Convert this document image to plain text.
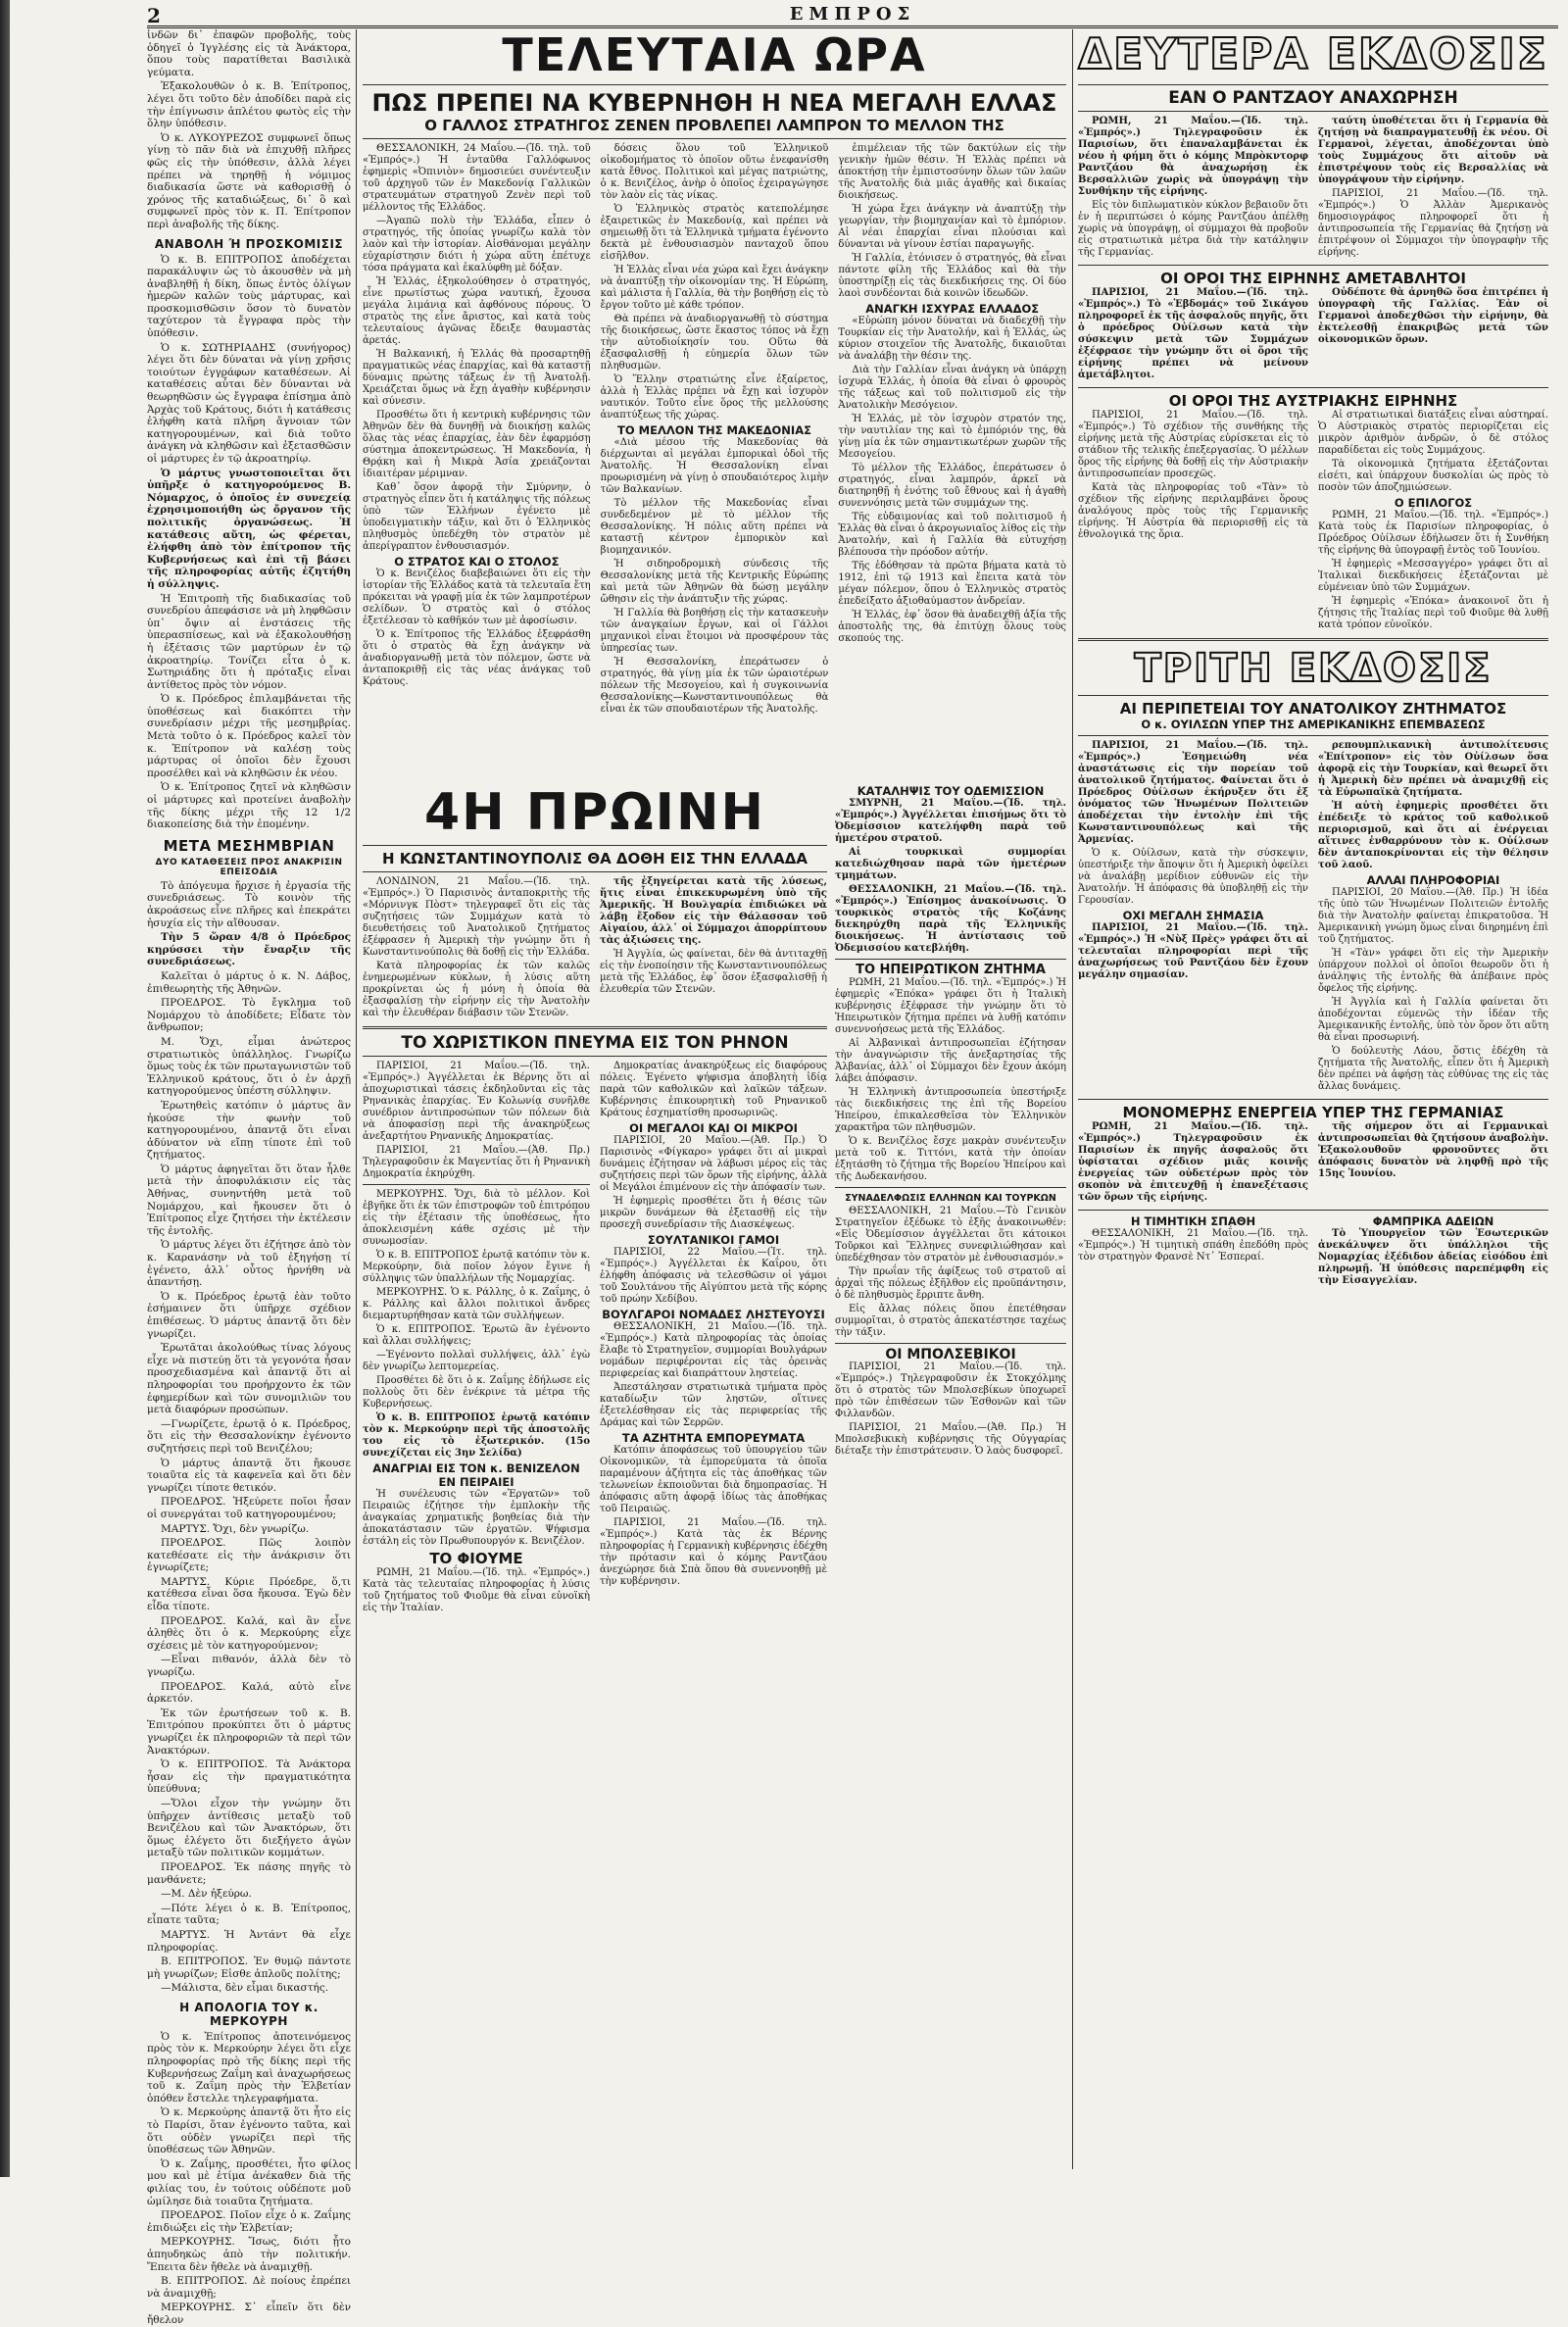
2	ΕΜΠΡΟΣ

ἰνδῶν δι᾿ ἐπαφῶν προβολῆς, τοὺς ὁδηγεῖ ὁ Ἰγγλέσης εἰς τὰ Ἀνάκτορα, ὅπου τοὺς παρατίθεται Βασιλικὰ γεύματα.

Ἐξακολουθῶν ὁ κ. Β. Ἐπίτροπος, λέγει ὅτι τοῦτο δὲν ἀποδίδει παρὰ εἰς τὴν ἐπίγνωσιν ἀπλέτου φωτὸς εἰς τὴν ὅλην ὑπόθεσιν.

Ὁ κ. ΛΥΚΟΥΡΕΖΟΣ συμφωνεῖ ὅπως γίνῃ τὸ πᾶν διὰ νὰ ἐπιχυθῇ πλῆρες φῶς εἰς τὴν ὑπόθεσιν, ἀλλὰ λέγει πρέπει νὰ τηρηθῇ ἡ νόμιμος διαδικασία ὥστε νὰ καθορισθῇ ὁ χρόνος τῆς καταδιώξεως, δι᾿ ὃ καὶ συμφωνεῖ πρὸς τὸν κ. Π. Ἐπίτροπον περὶ ἀναβολῆς τῆς δίκης.

ΑΝΑΒΟΛΗ Ή ΠΡΟΣΚΟΜΙΣΙΣ

Ὁ κ. Β. ΕΠΙΤΡΟΠΟΣ ἀποδέχεται παρακάλυψιν ὡς τὸ ἀκουσθὲν νὰ μὴ ἀναβληθῇ ἡ δίκη, ὅπως ἐντὸς ὀλίγων ἡμερῶν καλῶν τοὺς μάρτυρας, καὶ προσκομισθῶσιν ὅσον τὸ δυνατὸν ταχύτερον τὰ ἔγγραφα πρὸς τὴν ὑπόθεσιν.

Ὁ κ. ΣΩΤΗΡΙΑΔΗΣ (συνήγορος) λέγει ὅτι δὲν δύναται νὰ γίνῃ χρῆσις τοιούτων ἐγγράφων καταθέσεων. Αἱ καταθέσεις αὗται δὲν δύνανται νὰ θεωρηθῶσιν ὡς ἔγγραφα ἐπίσημα ἀπὸ Ἀρχὰς τοῦ Κράτους, διότι ἡ κατάθεσις ἐλήφθη κατὰ πλῆρη ἄγνοιαν τῶν κατηγορουμένων, καὶ διὰ τοῦτο ἀνάγκη νὰ κληθῶσιν καὶ ἐξετασθῶσιν οἱ μάρτυρες ἐν τῷ ἀκροατηρίῳ.

Ὁ μάρτυς γνωστοποιεῖται ὅτι ὑπῆρξε ὁ κατηγορούμενος Β. Νόμαρχος, ὁ ὁποῖος ἐν συνεχείᾳ ἐχρησιμοποιήθη ὡς ὄργανον τῆς πολιτικῆς ὀργανώσεως. Ἡ κατάθεσις αὕτη, ὡς φέρεται, ἐλήφθη ἀπὸ τὸν ἐπίτροπον τῆς Κυβερνήσεως καὶ ἐπὶ τῇ βάσει τῆς πληροφορίας αὐτῆς ἐζητήθη ἡ σύλληψις.

Ἡ Ἐπιτροπὴ τῆς διαδικασίας τοῦ συνεδρίου ἀπεφάσισε νὰ μὴ ληφθῶσιν ὑπ᾿ ὄψιν αἱ ἐνστάσεις τῆς ὑπερασπίσεως, καὶ νὰ ἐξακολουθήσῃ ἡ ἐξέτασις τῶν μαρτύρων ἐν τῷ ἀκροατηρίῳ. Τονίζει εἶτα ὁ κ. Σωτηριάδης ὅτι ἡ πρόταξις εἶναι ἀντίθετος πρὸς τὸν νόμον.

Ὁ κ. Πρόεδρος ἐπιλαμβάνεται τῆς ὑποθέσεως καὶ διακόπτει τὴν συνεδρίασιν μέχρι τῆς μεσημβρίας. Μετὰ τοῦτο ὁ κ. Πρόεδρος καλεῖ τὸν κ. Ἐπίτροπον νὰ καλέσῃ τοὺς μάρτυρας οἱ ὁποῖοι δὲν ἔχουσι προσέλθει καὶ νὰ κληθῶσιν ἐκ νέου.

Ὁ κ. Ἐπίτροπος ζητεῖ νὰ κληθῶσιν οἱ μάρτυρες καὶ προτείνει ἀναβολὴν τῆς δίκης μέχρι τῆς 12 1/2 διακοπείσης διὰ τὴν ἐπομένην.

ΜΕΤΑ ΜΕΣΗΜΒΡΙΑΝ
ΔΥΟ ΚΑΤΑΘΕΣΕΙΣ ΠΡΟΣ ΑΝΑΚΡΙΣΙΝ ΕΠΕΙΣΟΔΙΑ

Τὸ ἀπόγευμα ἤρχισε ἡ ἐργασία τῆς συνεδριάσεως. Τὸ κοινὸν τῆς ἀκροάσεως εἶνε πλῆρες καὶ ἐπεκράτει ἡσυχία εἰς τὴν αἴθουσαν.

Τὴν 5 ὥραν 4/8 ὁ Πρόεδρος κηρύσσει τὴν ἔναρξιν τῆς συνεδριάσεως.

Καλεῖται ὁ μάρτυς ὁ κ. Ν. Δάβος, ἐπιθεωρητὴς τῆς Ἀθηνῶν.

ΠΡΟΕΔΡΟΣ. Τὸ ἔγκλημα τοῦ Νομάρχου τὸ ἀποδίδετε; Εἶδατε τὸν ἄνθρωπον;

Μ. Ὄχι, εἶμαι ἀνώτερος στρατιωτικὸς ὑπάλληλος. Γνωρίζω ὅμως τοὺς ἐκ τῶν πρωταγωνιστῶν τοῦ Ἑλληνικοῦ κράτους, ὅτι ὁ ἐν ἀρχῇ κατηγορούμενος ὑπέστη σύλληψιν.

Ἐρωτηθεὶς κατόπιν ὁ μάρτυς ἂν ἠκούσε τὴν φωνὴν τοῦ κατηγορουμένου, ἀπαντᾷ ὅτι εἶναι ἀδύνατον νὰ εἴπῃ τίποτε ἐπὶ τοῦ ζητήματος.

Ὁ μάρτυς ἀφηγεῖται ὅτι ὅταν ἦλθε μετὰ τὴν ἀποφυλάκισιν εἰς τὰς Ἀθήνας, συνηντήθη μετὰ τοῦ Νομάρχου, καὶ ἤκουσεν ὅτι ὁ Ἐπίτροπος εἶχε ζητήσει τὴν ἐκτέλεσιν τῆς ἐντολῆς.

Ὁ μάρτυς λέγει ὅτι ἐζήτησε ἀπὸ τὸν κ. Καρανάσην νὰ τοῦ ἐξηγήσῃ τί ἐγένετο, ἀλλ᾿ οὗτος ἠρνήθη νὰ ἀπαντήσῃ.

Ὁ κ. Πρόεδρος ἐρωτᾷ ἐὰν τοῦτο ἐσήμαινεν ὅτι ὑπῆρχε σχέδιον ἐπιθέσεως. Ὁ μάρτυς ἀπαντᾷ ὅτι δὲν γνωρίζει.

Ἐρωτᾶται ἀκολούθως τίνας λόγους εἶχε νὰ πιστεύῃ ὅτι τὰ γεγονότα ἦσαν προσχεδιασμένα καὶ ἀπαντᾷ ὅτι αἱ πληροφορίαι του προήρχοντο ἐκ τῶν ἐφημερίδων καὶ τῶν συνομιλιῶν του μετὰ διαφόρων προσώπων.

—Γνωρίζετε, ἐρωτᾷ ὁ κ. Πρόεδρος, ὅτι εἰς τὴν Θεσσαλονίκην ἐγένοντο συζητήσεις περὶ τοῦ Βενιζέλου;

Ὁ μάρτυς ἀπαντᾷ ὅτι ἤκουσε τοιαῦτα εἰς τὰ καφενεῖα καὶ ὅτι δὲν γνωρίζει τίποτε θετικόν.

ΠΡΟΕΔΡΟΣ. Ἠξεύρετε ποῖοι ἦσαν οἱ συνεργάται τοῦ κατηγορουμένου;

ΜΑΡΤΥΣ. Ὄχι, δὲν γνωρίζω.

ΠΡΟΕΔΡΟΣ. Πῶς λοιπὸν κατεθέσατε εἰς τὴν ἀνάκρισιν ὅτι ἐγνωρίζετε;

ΜΑΡΤΥΣ. Κύριε Πρόεδρε, ὅ,τι κατέθεσα εἶναι ὅσα ἤκουσα. Ἐγὼ δὲν εἶδα τίποτε.

ΠΡΟΕΔΡΟΣ. Καλά, καὶ ἂν εἶνε ἀληθὲς ὅτι ὁ κ. Μερκούρης εἶχε σχέσεις μὲ τὸν κατηγορούμενον;

—Εἶναι πιθανόν, ἀλλὰ δὲν τὸ γνωρίζω.

ΠΡΟΕΔΡΟΣ. Καλά, αὐτὸ εἶνε ἀρκετόν.

Ἐκ τῶν ἐρωτήσεων τοῦ κ. Β. Ἐπιτρόπου προκύπτει ὅτι ὁ μάρτυς γνωρίζει ἐκ πληροφοριῶν τὰ περὶ τῶν Ἀνακτόρων.

Ὁ κ. ΕΠΙΤΡΟΠΟΣ. Τὰ Ἀνάκτορα ἦσαν εἰς τὴν πραγματικότητα ὑπεύθυνα;

—Ὅλοι εἶχον τὴν γνώμην ὅτι ὑπῆρχεν ἀντίθεσις μεταξὺ τοῦ Βενιζέλου καὶ τῶν Ἀνακτόρων, ὅτι ὅμως ἐλέγετο ὅτι διεξήγετο ἀγὼν μεταξὺ τῶν πολιτικῶν κομμάτων.

ΠΡΟΕΔΡΟΣ. Ἐκ πάσης πηγῆς τὸ μανθάνετε;

—Μ. Δὲν ἠξεύρω.

—Πότε λέγει ὁ κ. Β. Ἐπίτροπος, εἶπατε ταῦτα;

ΜΑΡΤΥΣ. Ἡ Ἀντάντ θὰ εἶχε πληροφορίας.

Β. ΕΠΙΤΡΟΠΟΣ. Ἐν θυμῷ πάντοτε μὴ γνωρίζων; Εἰσθε ἁπλοῦς πολίτης;

—Μάλιστα, δὲν εἶμαι δικαστής.

Η ΑΠΟΛΟΓΙΑ ΤΟΥ κ. ΜΕΡΚΟΥΡΗ

Ὁ κ. Ἐπίτροπος ἀποτεινόμενος πρὸς τὸν κ. Μερκούρην λέγει ὅτι εἶχε πληροφορίας πρὸ τῆς δίκης περὶ τῆς Κυβερνήσεως Ζαΐμη καὶ ἀναχωρήσεως τοῦ κ. Ζαΐμη πρὸς τὴν Ἑλβετίαν ὁπόθεν ἔστελλε τηλεγραφήματα.

Ὁ κ. Μερκούρης ἀπαντᾷ ὅτι ἦτο εἰς τὸ Παρίσι, ὅταν ἐγένοντο ταῦτα, καὶ ὅτι οὐδὲν γνωρίζει περὶ τῆς ὑποθέσεως τῶν Ἀθηνῶν.

Ὁ κ. Ζαΐμης, προσθέτει, ἦτο φίλος μου καὶ μὲ ἐτίμα ἀνέκαθεν διὰ τῆς φιλίας του, ἐν τούτοις οὐδέποτε μοῦ ὡμίλησε διὰ τοιαῦτα ζητήματα.

ΠΡΟΕΔΡΟΣ. Ποῖον εἶχε ὁ κ. Ζαΐμης ἐπιδιώξει εἰς τὴν Ἑλβετίαν;

ΜΕΡΚΟΥΡΗΣ. Ἴσως, διότι ᾖτο ἀπηυδηκὼς ἀπὸ τὴν πολιτικήν. Ἔπειτα δὲν ἤθελε νὰ ἀναμιχθῇ.

Β. ΕΠΙΤΡΟΠΟΣ. Δὲ ποίους ἐπρέπει νὰ ἀναμιχθῇ;

ΜΕΡΚΟΥΡΗΣ. Σ᾿ εἶπεῖν ὅτι δὲν ἤθελον

ΤΕΛΕΥΤΑΙΑ ΩΡΑ
ΠΩΣ ΠΡΕΠΕΙ ΝΑ ΚΥΒΕΡΝΗΘΗ Η ΝΕΑ ΜΕΓΑΛΗ ΕΛΛΑΣ
Ο ΓΑΛΛΟΣ ΣΤΡΑΤΗΓΟΣ ΖΕΝΕΝ ΠΡΟΒΛΕΠΕΙ ΛΑΜΠΡΟΝ ΤΟ ΜΕΛΛΟΝ ΤΗΣ

ΘΕΣΣΑΛΟΝΙΚΗ, 24 Μαΐου.—(Ἰδ. τηλ. τοῦ «Ἐμπρός».) Ἡ ἐνταῦθα Γαλλόφωνος ἐφημερὶς «Ὀπινιὸν» δημοσιεύει συνέντευξιν τοῦ ἀρχηγοῦ τῶν ἐν Μακεδονίᾳ Γαλλικῶν στρατευμάτων στρατηγοῦ Ζενὲν περὶ τοῦ μέλλοντος τῆς Ἑλλάδος.

—Ἀγαπῶ πολὺ τὴν Ἑλλάδα, εἶπεν ὁ στρατηγός, τῆς ὁποίας γνωρίζω καλὰ τὸν λαὸν καὶ τὴν ἱστορίαν. Αἰσθάνομαι μεγάλην εὐχαρίστησιν διότι ἡ χώρα αὕτη ἐπέτυχε τόσα πράγματα καὶ ἐκαλύφθη μὲ δόξαν.

Ἡ Ἑλλάς, ἐξηκολούθησεν ὁ στρατηγός, εἶνε πρωτίστως χώρα ναυτική, ἔχουσα μεγάλα λιμάνια καὶ ἀφθόνους πόρους. Ὁ στρατὸς της εἶνε ἄριστος, καὶ κατὰ τοὺς τελευταίους ἀγῶνας ἔδειξε θαυμαστὰς ἀρετάς.

Ἡ Βαλκανική, ἡ Ἑλλάς θὰ προσαρτηθῇ πραγματικῶς νέας ἐπαρχίας, καὶ θὰ καταστῇ δύναμις πρώτης τάξεως ἐν τῇ Ἀνατολῇ. Χρειάζεται ὅμως νὰ ἔχῃ ἀγαθὴν κυβέρνησιν καὶ σύνεσιν.

Προσθέτω ὅτι ἡ κεντρικὴ κυβέρνησις τῶν Ἀθηνῶν δὲν θὰ δυνηθῇ νὰ διοικήσῃ καλῶς ὅλας τὰς νέας ἐπαρχίας, ἐὰν δὲν ἐφαρμόσῃ σύστημα ἀποκεντρώσεως. Ἡ Μακεδονία, ἡ Θρᾴκη καὶ ἡ Μικρὰ Ἀσία χρειάζονται ἰδιαιτέραν μέριμναν.

Καθ᾿ ὅσον ἀφορᾷ τὴν Σμύρνην, ὁ στρατηγὸς εἶπεν ὅτι ἡ κατάληψις τῆς πόλεως ὑπὸ τῶν Ἑλλήνων ἐγένετο μὲ ὑποδειγματικὴν τάξιν, καὶ ὅτι ὁ Ἑλληνικὸς πληθυσμὸς ὑπεδέχθη τὸν στρατὸν μὲ ἀπερίγραπτον ἐνθουσιασμόν.

Ο ΣΤΡΑΤΟΣ ΚΑΙ Ο ΣΤΟΛΟΣ

Ὁ κ. Βενιζέλος διαβεβαιώνει ὅτι εἰς τὴν ἱστορίαν τῆς Ἑλλάδος κατὰ τὰ τελευταῖα ἔτη πρόκειται νὰ γραφῇ μία ἐκ τῶν λαμπροτέρων σελίδων. Ὁ στρατὸς καὶ ὁ στόλος ἐξετέλεσαν τὸ καθῆκόν των μὲ ἀφοσίωσιν.

Ὁ κ. Ἐπίτροπος τῆς Ἑλλάδος ἐξεφράσθη ὅτι ὁ στρατὸς θὰ ἔχῃ ἀνάγκην νὰ ἀναδιοργανωθῇ μετὰ τὸν πόλεμον, ὥστε νὰ ἀνταποκριθῇ εἰς τὰς νέας ἀνάγκας τοῦ Κράτους.

δόσεις ὅλου τοῦ Ἑλληνικοῦ οἰκοδομήματος τὸ ὁποῖον οὕτω ἐνεφανίσθη κατὰ ἔθνος. Πολιτικοὶ καὶ μέγας πατριώτης, ὁ κ. Βενιζέλος, ἀνὴρ ὁ ὁποῖος ἐχειραγώγησε τὸν λαὸν εἰς τὰς νίκας.

Ὁ Ἑλληνικὸς στρατὸς κατεπολέμησε ἐξαιρετικῶς ἐν Μακεδονίᾳ, καὶ πρέπει νὰ σημειωθῇ ὅτι τὰ Ἑλληνικὰ τμήματα ἐγένοντο δεκτὰ μὲ ἐνθουσιασμὸν πανταχοῦ ὅπου εἰσῆλθον.

Ἡ Ἑλλὰς εἶναι νέα χώρα καὶ ἔχει ἀνάγκην νὰ ἀναπτύξῃ τὴν οἰκονομίαν της. Ἡ Εὐρώπη, καὶ μάλιστα ἡ Γαλλία, θὰ τὴν βοηθήσῃ εἰς τὸ ἔργον τοῦτο μὲ κάθε τρόπον.

Θὰ πρέπει νὰ ἀναδιοργανωθῇ τὸ σύστημα τῆς διοικήσεως, ὥστε ἕκαστος τόπος νὰ ἔχῃ τὴν αὐτοδιοίκησίν του. Οὕτω θὰ ἐξασφαλισθῇ ἡ εὐημερία ὅλων τῶν πληθυσμῶν.

Ὁ Ἕλλην στρατιώτης εἶνε ἐξαίρετος, ἀλλὰ ἡ Ἑλλὰς πρέπει νὰ ἔχῃ καὶ ἰσχυρὸν ναυτικόν. Τοῦτο εἶνε ὅρος τῆς μελλούσης ἀναπτύξεως τῆς χώρας.

ΤΟ ΜΕΛΛΟΝ ΤΗΣ ΜΑΚΕΔΟΝΙΑΣ

«Διὰ μέσου τῆς Μακεδονίας θὰ διέρχωνται αἱ μεγάλαι ἐμπορικαὶ ὁδοὶ τῆς Ἀνατολῆς. Ἡ Θεσσαλονίκη εἶναι προωρισμένη νὰ γίνῃ ὁ σπουδαιότερος λιμὴν τῶν Βαλκανίων.

Τὸ μέλλον τῆς Μακεδονίας εἶναι συνδεδεμένον μὲ τὸ μέλλον τῆς Θεσσαλονίκης. Ἡ πόλις αὕτη πρέπει νὰ καταστῇ κέντρον ἐμπορικὸν καὶ βιομηχανικόν.

Ἡ σιδηροδρομικὴ σύνδεσις τῆς Θεσσαλονίκης μετὰ τῆς Κεντρικῆς Εὐρώπης καὶ μετὰ τῶν Ἀθηνῶν θὰ δώσῃ μεγάλην ὤθησιν εἰς τὴν ἀνάπτυξιν τῆς χώρας.

Ἡ Γαλλία θὰ βοηθήσῃ εἰς τὴν κατασκευὴν τῶν ἀναγκαίων ἔργων, καὶ οἱ Γάλλοι μηχανικοὶ εἶναι ἕτοιμοι νὰ προσφέρουν τὰς ὑπηρεσίας των.

Ἡ Θεσσαλονίκη, ἐπεράτωσεν ὁ στρατηγός, θὰ γίνῃ μία ἐκ τῶν ὡραιοτέρων πόλεων τῆς Μεσογείου, καὶ ἡ συγκοινωνία Θεσσαλονίκης—Κωνσταντινουπόλεως θὰ εἶναι ἐκ τῶν σπουδαιοτέρων τῆς Ἀνατολῆς.

ἐπιμέλειαν τῆς τῶν δακτύλων εἰς τὴν γενικὴν ἡμῶν θέσιν. Ἡ Ἑλλὰς πρέπει νὰ ἀποκτήσῃ τὴν ἐμπιστοσύνην ὅλων τῶν λαῶν τῆς Ἀνατολῆς διὰ μιᾶς ἀγαθῆς καὶ δικαίας διοικήσεως.

Ἡ χώρα ἔχει ἀνάγκην νὰ ἀναπτύξῃ τὴν γεωργίαν, τὴν βιομηχανίαν καὶ τὸ ἐμπόριον. Αἱ νέαι ἐπαρχίαι εἶναι πλούσιαι καὶ δύνανται νὰ γίνουν ἑστίαι παραγωγῆς.

Ἡ Γαλλία, ἐτόνισεν ὁ στρατηγός, θὰ εἶναι πάντοτε φίλη τῆς Ἑλλάδος καὶ θὰ τὴν ὑποστηρίξῃ εἰς τὰς διεκδικήσεις της. Οἱ δύο λαοὶ συνδέονται διὰ κοινῶν ἰδεωδῶν.

ΑΝΑΓΚΗ ΙΣΧΥΡΑΣ ΕΛΛΑΔΟΣ

«Εὐρώπη μόνον δύναται νὰ διαδεχθῇ τὴν Τουρκίαν εἰς τὴν Ἀνατολήν, καὶ ἡ Ἑλλάς, ὡς κύριον στοιχεῖον τῆς Ἀνατολῆς, δικαιοῦται νὰ ἀναλάβῃ τὴν θέσιν της.

Διὰ τὴν Γαλλίαν εἶναι ἀνάγκη νὰ ὑπάρχῃ ἰσχυρὰ Ἑλλάς, ἡ ὁποία θὰ εἶναι ὁ φρουρὸς τῆς τάξεως καὶ τοῦ πολιτισμοῦ εἰς τὴν Ἀνατολικὴν Μεσόγειον.

Ἡ Ἑλλάς, μὲ τὸν ἰσχυρὸν στρατόν της, τὴν ναυτιλίαν της καὶ τὸ ἐμπόριόν της, θὰ γίνῃ μία ἐκ τῶν σημαντικωτέρων χωρῶν τῆς Μεσογείου.

Τὸ μέλλον τῆς Ἑλλάδος, ἐπεράτωσεν ὁ στρατηγός, εἶναι λαμπρόν, ἀρκεῖ νὰ διατηρηθῇ ἡ ἑνότης τοῦ ἔθνους καὶ ἡ ἀγαθὴ συνεννόησις μετὰ τῶν συμμάχων της.

Τῆς εὐδαιμονίας καὶ τοῦ πολιτισμοῦ ἡ Ἑλλὰς θὰ εἶναι ὁ ἀκρογωνιαῖος λίθος εἰς τὴν Ἀνατολήν, καὶ ἡ Γαλλία θὰ εὐτυχήσῃ βλέπουσα τὴν πρόοδον αὐτήν.

Τῆς ἐδόθησαν τὰ πρῶτα βήματα κατὰ τὸ 1912, ἐπὶ τῷ 1913 καὶ ἔπειτα κατὰ τὸν μέγαν πόλεμον, ὅπου ὁ Ἑλληνικὸς στρατὸς ἐπεδείξατο ἀξιοθαύμαστον ἀνδρείαν.

Ἡ Ἑλλάς, ἐφ᾿ ὅσον θὰ ἀναδειχθῇ ἀξία τῆς ἀποστολῆς της, θὰ ἐπιτύχῃ ὅλους τοὺς σκοπούς της.

4Η ΠΡΩΙΝΗ
Η ΚΩΝΣΤΑΝΤΙΝΟΥΠΟΛΙΣ ΘΑ ΔΟΘΗ ΕΙΣ ΤΗΝ ΕΛΛΑΔΑ

ΛΟΝΔΙΝΟΝ, 21 Μαΐου.—(Ἰδ. τηλ. «Ἐμπρός».) Ὁ Παρισινὸς ἀνταποκριτὴς τῆς «Μόρνινγκ Πὸστ» τηλεγραφεῖ ὅτι εἰς τὰς συζητήσεις τῶν Συμμάχων κατὰ τὸ διευθετήσεις τοῦ Ἀνατολικοῦ ζητήματος ἐξέφρασεν ἡ Ἀμερικὴ τὴν γνώμην ὅτι ἡ Κωνσταντινούπολις θὰ δοθῇ εἰς τὴν Ἑλλάδα.

Κατὰ πληροφορίας ἐκ τῶν καλῶς ἐνημερωμένων κύκλων, ἡ λύσις αὕτη προκρίνεται ὡς ἡ μόνη ἡ ὁποία θὰ ἐξασφαλίσῃ τὴν εἰρήνην εἰς τὴν Ἀνατολὴν καὶ τὴν ἐλευθέραν διάβασιν τῶν Στενῶν.

τῆς ἐξηγείρεται κατὰ τῆς λύσεως, ἥτις εἶναι ἐπικεκυρωμένη ὑπὸ τῆς Ἀμερικῆς. Ἡ Βουλγαρία ἐπιδιώκει νὰ λάβῃ ἔξοδον εἰς τὴν Θάλασσαν τοῦ Αἰγαίου, ἀλλ᾿ οἱ Σύμμαχοι ἀπορρίπτουν τὰς ἀξιώσεις της.

Ἡ Ἀγγλία, ὡς φαίνεται, δὲν θὰ ἀντιταχθῇ εἰς τὴν ἑνοποίησιν τῆς Κωνσταντινουπόλεως μετὰ τῆς Ἑλλάδος, ἐφ᾿ ὅσον ἐξασφαλισθῇ ἡ ἐλευθερία τῶν Στενῶν.

ΤΟ ΧΩΡΙΣΤΙΚΟΝ ΠΝΕΥΜΑ ΕΙΣ ΤΟΝ ΡΗΝΟΝ

ΠΑΡΙΣΙΟΙ, 21 Μαΐου.—(Ἰδ. τηλ. «Ἐμπρός».) Ἀγγέλλεται ἐκ Βέρνης ὅτι αἱ ἀποχωριστικαὶ τάσεις ἐκδηλοῦνται εἰς τὰς Ρηνανικὰς ἐπαρχίας. Ἐν Κολωνίᾳ συνῆλθε συνέδριον ἀντιπροσώπων τῶν πόλεων διὰ νὰ ἀποφασίσῃ περὶ τῆς ἀνακηρύξεως ἀνεξαρτήτου Ρηνανικῆς Δημοκρατίας.

ΠΑΡΙΣΙΟΙ, 21 Μαΐου.—(Ἀθ. Πρ.) Τηλεγραφοῦσιν ἐκ Μαγεντίας ὅτι ἡ Ρηνανικὴ Δημοκρατία ἐκηρύχθη.

ΜΕΡΚΟΥΡΗΣ. Ὄχι, διὰ τὸ μέλλον. Κοὶ ἐβγῆκε ὅτι ἐκ τῶν ἐπιστροφῶν τοῦ ἐπιτρόπου εἰς τὴν ἐξέτασιν τῆς ὑποθέσεως, ἦτο ἀποκλεισμένη κάθε σχέσις μὲ τὴν συνωμοσίαν.

Ὁ κ. Β. ΕΠΙΤΡΟΠΟΣ ἐρωτᾷ κατόπιν τὸν κ. Μερκούρην, διὰ ποῖον λόγον ἔγινε ἡ σύλληψις τῶν ὑπαλλήλων τῆς Νομαρχίας.

ΜΕΡΚΟΥΡΗΣ. Ὁ κ. Ράλλης, ὁ κ. Ζαΐμης, ὁ κ. Ράλλης καὶ ἄλλοι πολιτικοὶ ἄνδρες διεμαρτυρήθησαν κατὰ τῶν συλλήψεων.

Ὁ κ. ΕΠΙΤΡΟΠΟΣ. Ἐρωτῶ ἂν ἐγένοντο καὶ ἄλλαι συλλήψεις;

—Ἐγένοντο πολλαὶ συλλήψεις, ἀλλ᾿ ἐγὼ δὲν γνωρίζω λεπτομερείας.

Προσθέτει δὲ ὅτι ὁ κ. Ζαΐμης ἐδήλωσε εἰς πολλοὺς ὅτι δὲν ἐνέκρινε τὰ μέτρα τῆς Κυβερνήσεως.

Ὁ κ. Β. ΕΠΙΤΡΟΠΟΣ ἐρωτᾷ κατόπιν τὸν κ. Μερκούρην περὶ τῆς ἀποστολῆς του εἰς τὸ ἐξωτερικόν. (15ο συνεχίζεται εἰς 3ην Σελίδα)

ΑΝΑΓΡΙΑΙ ΕΙΣ ΤΟΝ κ. ΒΕΝΙΖΕΛΟΝ ΕΝ ΠΕΙΡΑΙΕΙ

Ἡ συνέλευσις τῶν «Ἐργατῶν» τοῦ Πειραιῶς ἐζήτησε τὴν ἐμπλοκὴν τῆς ἀναγκαίας χρηματικῆς βοηθείας διὰ τὴν ἀποκατάστασιν τῶν ἐργατῶν. Ψήφισμα ἐστάλη εἰς τὸν Πρωθυπουργόν κ. Βενιζέλον.

ΤΟ ΦΙΟΥΜΕ

ΡΩΜΗ, 21 Μαΐου.—(Ἰδ. τηλ. «Ἐμπρός».) Κατὰ τὰς τελευταίας πληροφορίας ἡ λύσις τοῦ ζητήματος τοῦ Φιοῦμε θὰ εἶναι εὐνοϊκὴ εἰς τὴν Ἰταλίαν.

Δημοκρατίας ἀνακηρύξεως εἰς διαφόρους πόλεις. Ἐγένετο ψήφισμα ἀποβλητὴ ἰδίᾳ παρὰ τῶν καθολικῶν καὶ λαϊκῶν τάξεων. Κυβέρνησις ἐπικουρητικὴ τοῦ Ρηνανικοῦ Κράτους ἐσχηματίσθη προσωρινῶς.

ΟΙ ΜΕΓΑΛΟΙ ΚΑΙ ΟΙ ΜΙΚΡΟΙ

ΠΑΡΙΣΙΟΙ, 20 Μαΐου.—(Ἀθ. Πρ.) Ὁ Παρισινὸς «Φίγκαρο» γράφει ὅτι αἱ μικραὶ δυνάμεις ἐζήτησαν νὰ λάβωσι μέρος εἰς τὰς συζητήσεις περὶ τῶν ὅρων τῆς εἰρήνης, ἀλλὰ οἱ Μεγάλοι ἐπιμένουν εἰς τὴν ἀπόφασίν των.

Ἡ ἐφημερὶς προσθέτει ὅτι ἡ θέσις τῶν μικρῶν δυνάμεων θὰ ἐξετασθῇ εἰς τὴν προσεχῆ συνεδρίασιν τῆς Διασκέψεως.

ΣΟΥΛΤΑΝΙΚΟΙ ΓΑΜΟΙ

ΠΑΡΙΣΙΟΙ, 22 Μαΐου.—(Ἰτ. τηλ. «Ἐμπρός».) Ἀγγέλλεται ἐκ Καΐρου, ὅτι ἐλήφθη ἀπόφασις νὰ τελεσθῶσιν οἱ γάμοι τοῦ Σουλτάνου τῆς Αἰγύπτου μετὰ τῆς κόρης τοῦ πρώην Χεδίβου.

ΒΟΥΛΓΑΡΟΙ ΝΟΜΑΔΕΣ ΛΗΣΤΕΥΟΥΣΙ

ΘΕΣΣΑΛΟΝΙΚΗ, 21 Μαΐου.—(Ἰδ. τηλ. «Ἐμπρός».) Κατὰ πληροφορίας τὰς ὁποίας ἔλαβε τὸ Στρατηγεῖον, συμμορίαι Βουλγάρων νομάδων περιφέρονται εἰς τὰς ὀρεινὰς περιφερείας καὶ διαπράττουν ληστείας.

Ἀπεστάλησαν στρατιωτικὰ τμήματα πρὸς καταδίωξιν τῶν ληστῶν, οἵτινες ἐξετελέσθησαν εἰς τὰς περιφερείας τῆς Δράμας καὶ τῶν Σερρῶν.

ΤΑ ΑΖΗΤΗΤΑ ΕΜΠΟΡΕΥΜΑΤΑ

Κατόπιν ἀποφάσεως τοῦ ὑπουργείου τῶν Οἰκονομικῶν, τὰ ἐμπορεύματα τὰ ὁποῖα παραμένουν ἀζήτητα εἰς τὰς ἀποθήκας τῶν τελωνείων ἐκποιοῦνται διὰ δημοπρασίας. Ἡ ἀπόφασις αὕτη ἀφορᾷ ἰδίως τὰς ἀποθήκας τοῦ Πειραιῶς.

ΠΑΡΙΣΙΟΙ, 21 Μαΐου.—(Ἰδ. τηλ. «Ἐμπρός».) Κατὰ τὰς ἐκ Βέρνης πληροφορίας ἡ Γερμανικὴ κυβέρνησις ἐδέχθη τὴν πρότασιν καὶ ὁ κόμης Ραντζάου ἀνεχώρησε διὰ Σπὰ ὅπου θὰ συνεννοηθῇ μὲ τὴν κυβέρνησιν.

ΚΑΤΑΛΗΨΙΣ ΤΟΥ ΟΔΕΜΙΣΣΙΟΝ

ΣΜΥΡΝΗ, 21 Μαΐου.—(Ἰδ. τηλ. «Ἐμπρός».) Ἀγγέλλεται ἐπισήμως ὅτι τὸ Ὀδεμίσσιον κατελήφθη παρὰ τοῦ ἡμετέρου στρατοῦ.

Αἱ τουρκικαὶ συμμορίαι κατεδιώχθησαν παρὰ τῶν ἡμετέρων τμημάτων.

ΘΕΣΣΑΛΟΝΙΚΗ, 21 Μαΐου.—(Ἰδ. τηλ. «Ἐμπρός».) Ἐπίσημος ἀνακοίνωσις. Ὁ τουρκικὸς στρατὸς τῆς Κοζάνης διεκηρύχθη παρὰ τῆς Ἑλληνικῆς διοικήσεως. Ἡ ἀντίστασις τοῦ Ὀδεμισσίου κατεβλήθη.

ΤΟ ΗΠΕΙΡΩΤΙΚΟΝ ΖΗΤΗΜΑ

ΡΩΜΗ, 21 Μαΐου.—(Ἰδ. τηλ. «Ἐμπρός».) Ἡ ἐφημερὶς «Ἐπόκα» γράφει ὅτι ἡ Ἰταλικὴ κυβέρνησις ἐξέφρασε τὴν γνώμην ὅτι τὸ Ἠπειρωτικὸν ζήτημα πρέπει νὰ λυθῇ κατόπιν συνεννοήσεως μετὰ τῆς Ἑλλάδος.

Αἱ Ἀλβανικαὶ ἀντιπροσωπεῖαι ἐζήτησαν τὴν ἀναγνώρισιν τῆς ἀνεξαρτησίας τῆς Ἀλβανίας, ἀλλ᾿ οἱ Σύμμαχοι δὲν ἔχουν ἀκόμη λάβει ἀπόφασιν.

Ἡ Ἑλληνικὴ ἀντιπροσωπεία ὑπεστήριξε τὰς διεκδικήσεις της ἐπὶ τῆς Βορείου Ἠπείρου, ἐπικαλεσθεῖσα τὸν Ἑλληνικὸν χαρακτῆρα τῶν πληθυσμῶν.

Ὁ κ. Βενιζέλος ἔσχε μακρὰν συνέντευξιν μετὰ τοῦ κ. Τιττόνι, κατὰ τὴν ὁποίαν ἐξητάσθη τὸ ζήτημα τῆς Βορείου Ἠπείρου καὶ τῆς Δωδεκανήσου.

ΣΥΝΑΔΕΛΦΩΣΙΣ ΕΛΛΗΝΩΝ ΚΑΙ ΤΟΥΡΚΩΝ

ΘΕΣΣΑΛΟΝΙΚΗ, 21 Μαΐου.—Τὸ Γενικὸν Στρατηγεῖον ἐξέδωκε τὸ ἑξῆς ἀνακοινωθέν: «Εἰς Ὀδεμίσσιον ἀγγέλλεται ὅτι κάτοικοι Τοῦρκοι καὶ Ἕλληνες συνεφιλιώθησαν καὶ ὑπεδέχθησαν τὸν στρατὸν μὲ ἐνθουσιασμόν.»

Τὴν πρωΐαν τῆς ἀφίξεως τοῦ στρατοῦ αἱ ἀρχαὶ τῆς πόλεως ἐξῆλθον εἰς προϋπάντησιν, ὁ δὲ πληθυσμὸς ἔρριπτε ἄνθη.

Εἰς ἄλλας πόλεις ὅπου ἐπετέθησαν συμμορῖται, ὁ στρατὸς ἀπεκατέστησε ταχέως τὴν τάξιν.

ΟΙ ΜΠΟΛΣΕΒΙΚΟΙ

ΠΑΡΙΣΙΟΙ, 21 Μαΐου.—(Ἰδ. τηλ. «Ἐμπρός».) Τηλεγραφοῦσιν ἐκ Στοκχόλμης ὅτι ὁ στρατὸς τῶν Μπολσεβίκων ὑποχωρεῖ πρὸ τῶν ἐπιθέσεων τῶν Ἐσθονῶν καὶ τῶν Φιλλανδῶν.

ΠΑΡΙΣΙΟΙ, 21 Μαΐου.—(Ἀθ. Πρ.) Ἡ Μπολσεβικικὴ κυβέρνησις τῆς Οὐγγαρίας διέταξε τὴν ἐπιστράτευσιν. Ὁ λαὸς δυσφορεῖ.

ΔΕΥΤΕΡΑ ΕΚΔΟΣΙΣ
ΕΑΝ Ο ΡΑΝΤΖΑΟΥ ΑΝΑΧΩΡΗΣΗ

ΡΩΜΗ, 21 Μαΐου.—(Ἰδ. τηλ. «Ἐμπρός».) Τηλεγραφοῦσιν ἐκ Παρισίων, ὅτι ἐπαναλαμβάνεται ἐκ νέου ἡ φήμη ὅτι ὁ κόμης Μπρὸκντορφ Ραντζάου θὰ ἀναχωρήσῃ ἐκ Βερσαλλιῶν χωρὶς νὰ ὑπογράψῃ τὴν Συνθήκην τῆς εἰρήνης.

Εἰς τὸν διπλωματικὸν κύκλον βεβαιοῦν ὅτι ἐν ἡ περιπτώσει ὁ κόμης Ραντζάου ἀπέλθῃ χωρὶς νὰ ὑπογράψῃ, οἱ σύμμαχοι θὰ προβοῦν εἰς στρατιωτικὰ μέτρα διὰ τὴν κατάληψιν τῆς Γερμανίας.

ταύτη ὑποθέτεται ὅτι ἡ Γερμανία θὰ ζητήσῃ νὰ διαπραγματευθῇ ἐκ νέου. Οἱ Γερμανοὶ, λέγεται, ἀποδέχονται ὑπὸ τοὺς Συμμάχους ὅτι αἰτοῦν νὰ ἐπιστρέψουν τοὺς εἰς Βερσαλλίας νὰ ὑπογράψουν τὴν εἰρήνην.

ΠΑΡΙΣΙΟΙ, 21 Μαΐου.—(Ἰδ. τηλ. «Ἐμπρός».) Ὁ Ἀλλὰν Ἀμερικανὸς δημοσιογράφος πληροφορεῖ ὅτι ἡ ἀντιπροσωπεία τῆς Γερμανίας θὰ ζητήσῃ νὰ ἐπιτρέψουν οἱ Σύμμαχοι τὴν ὑπογραφὴν τῆς εἰρήνης.

ΟΙ ΟΡΟΙ ΤΗΣ ΕΙΡΗΝΗΣ ΑΜΕΤΑΒΛΗΤΟΙ

ΠΑΡΙΣΙΟΙ, 21 Μαΐου.—(Ἰδ. τηλ. «Ἐμπρός».) Τὸ «Ἑβδομάς» τοῦ Σικάγου πληροφορεῖ ἐκ τῆς ἀσφαλοῦς πηγῆς, ὅτι ὁ πρόεδρος Οὐίλσων κατὰ τὴν σύσκεψιν μετὰ τῶν Συμμάχων ἐξέφρασε τὴν γνώμην ὅτι οἱ ὅροι τῆς εἰρήνης πρέπει νὰ μείνουν ἀμετάβλητοι.

Οὐδέποτε θὰ ἀρνηθῶ ὅσα ἐπιτρέπει ἡ ὑπογραφὴ τῆς Γαλλίας. Ἐὰν οἱ Γερμανοὶ ἀποδεχθῶσι τὴν εἰρήνην, θὰ ἐκτελεσθῇ ἐπακριβῶς μετὰ τῶν οἰκονομικῶν ὅρων.

ΟΙ ΟΡΟΙ ΤΗΣ ΑΥΣΤΡΙΑΚΗΣ ΕΙΡΗΝΗΣ

ΠΑΡΙΣΙΟΙ, 21 Μαΐου.—(Ἰδ. τηλ. «Ἐμπρός».) Τὸ σχέδιον τῆς συνθήκης τῆς εἰρήνης μετὰ τῆς Αὐστρίας εὑρίσκεται εἰς τὸ στάδιον τῆς τελικῆς ἐπεξεργασίας. Ὁ μέλλων ὅρος τῆς εἰρήνης θὰ δοθῇ εἰς τὴν Αὐστριακὴν ἀντιπροσωπείαν προσεχῶς.

Κατὰ τὰς πληροφορίας τοῦ «Τὰν» τὸ σχέδιον τῆς εἰρήνης περιλαμβάνει ὅρους ἀναλόγους πρὸς τοὺς τῆς Γερμανικῆς εἰρήνης. Ἡ Αὐστρία θὰ περιορισθῇ εἰς τὰ ἐθνολογικά της ὅρια.

Αἱ στρατιωτικαὶ διατάξεις εἶναι αὐστηραί. Ὁ Αὐστριακὸς στρατὸς περιορίζεται εἰς μικρὸν ἀριθμὸν ἀνδρῶν, ὁ δὲ στόλος παραδίδεται εἰς τοὺς Συμμάχους.

Τὰ οἰκονομικὰ ζητήματα ἐξετάζονται εἰσέτι, καὶ ὑπάρχουν δυσκολίαι ὡς πρὸς τὸ ποσὸν τῶν ἀποζημιώσεων.

Ο ΕΠΙΛΟΓΟΣ

ΡΩΜΗ, 21 Μαΐου.—(Ἰδ. τηλ. «Ἐμπρός».) Κατὰ τοὺς ἐκ Παρισίων πληροφορίας, ὁ Πρόεδρος Οὐίλσων ἐδήλωσεν ὅτι ἡ Συνθήκη τῆς εἰρήνης θὰ ὑπογραφῇ ἐντὸς τοῦ Ἰουνίου.

Ἡ ἐφημερὶς «Μεσσαγγέρο» γράφει ὅτι αἱ Ἰταλικαὶ διεκδικήσεις ἐξετάζονται μὲ εὐμένειαν ὑπὸ τῶν Συμμάχων.

Ἡ ἐφημερὶς «Ἐπόκα» ἀνακοινοῖ ὅτι ἡ ζήτησις τῆς Ἰταλίας περὶ τοῦ Φιοῦμε θὰ λυθῇ κατὰ τρόπον εὐνοϊκόν.

ΤΡΙΤΗ ΕΚΔΟΣΙΣ
ΑΙ ΠΕΡΙΠΕΤΕΙΑΙ ΤΟΥ ΑΝΑΤΟΛΙΚΟΥ ΖΗΤΗΜΑΤΟΣ
Ο κ. ΟΥΙΛΣΩΝ ΥΠΕΡ ΤΗΣ ΑΜΕΡΙΚΑΝΙΚΗΣ ΕΠΕΜΒΑΣΕΩΣ

ΠΑΡΙΣΙΟΙ, 21 Μαΐου.—(Ἰδ. τηλ. «Ἐμπρός».) Ἐσημειώθη νέα ἀναστάτωσις εἰς τὴν πορείαν τοῦ ἀνατολικοῦ ζητήματος. Φαίνεται ὅτι ὁ Πρόεδρος Οὐίλσων ἐκήρυξεν ὅτι ἐξ ὀνόματος τῶν Ἡνωμένων Πολιτειῶν ἀποδέχεται τὴν ἐντολὴν ἐπὶ τῆς Κωνσταντινουπόλεως καὶ τῆς Ἀρμενίας.

Ὁ κ. Οὐίλσων, κατὰ τὴν σύσκεψιν, ὑπεστήριξε τὴν ἄποψιν ὅτι ἡ Ἀμερικὴ ὀφείλει νὰ ἀναλάβῃ μερίδιον εὐθυνῶν εἰς τὴν Ἀνατολήν. Ἡ ἀπόφασις θὰ ὑποβληθῇ εἰς τὴν Γερουσίαν.

ΟΧΙ ΜΕΓΑΛΗ ΣΗΜΑΣΙΑ

ΠΑΡΙΣΙΟΙ, 21 Μαΐου.—(Ἰδ. τηλ. «Ἐμπρός».) Ἡ «Νὺξ Πρὲς» γράφει ὅτι αἱ τελευταῖαι πληροφορίαι περὶ τῆς ἀναχωρήσεως τοῦ Ραντζάου δὲν ἔχουν μεγάλην σημασίαν.

ρεπουμπλικανικὴ ἀντιπολίτευσις «Ἐπίτροπον» εἰς τὸν Οὐίλσων ὅσα ἀφορᾷ εἰς τὴν Τουρκίαν, καὶ θεωρεῖ ὅτι ἡ Ἀμερικὴ δὲν πρέπει νὰ ἀναμιχθῇ εἰς τὰ Εὐρωπαϊκὰ ζητήματα.

Ἡ αὐτὴ ἐφημερὶς προσθέτει ὅτι ἐπέδειξε τὸ κράτος τοῦ καθολικοῦ περιορισμοῦ, καὶ ὅτι αἱ ἐνέργειαι αἵτινες ἐνθαρρύνουν τὸν κ. Οὐίλσων δὲν ἀνταποκρίνονται εἰς τὴν θέλησιν τοῦ λαοῦ.

ΑΛΛΑΙ ΠΛΗΡΟΦΟΡΙΑΙ

ΠΑΡΙΣΙΟΙ, 20 Μαΐου.—(Ἀθ. Πρ.) Ἡ ἰδέα τῆς ὑπὸ τῶν Ἡνωμένων Πολιτειῶν ἐντολῆς διὰ τὴν Ἀνατολὴν φαίνεται ἐπικρατοῦσα. Ἡ Ἀμερικανικὴ γνώμη ὅμως εἶναι διηρημένη ἐπὶ τοῦ ζητήματος.

Ἡ «Τὰν» γράφει ὅτι εἰς τὴν Ἀμερικὴν ὑπάρχουν πολλοὶ οἱ ὁποῖοι θεωροῦν ὅτι ἡ ἀνάληψις τῆς ἐντολῆς θὰ ἀπέβαινε πρὸς ὄφελος τῆς εἰρήνης.

Ἡ Ἀγγλία καὶ ἡ Γαλλία φαίνεται ὅτι ἀποδέχονται εὐμενῶς τὴν ἰδέαν τῆς Ἀμερικανικῆς ἐντολῆς, ὑπὸ τὸν ὅρον ὅτι αὕτη θὰ εἶναι προσωρινή.

Ὁ δούλευτὴς Λάου, ὅστις ἐδέχθη τὰ ζητήματα τῆς Ἀνατολῆς, εἶπεν ὅτι ἡ Ἀμερικὴ δὲν πρέπει νὰ ἀφήσῃ τὰς εὐθύνας της εἰς τὰς ἄλλας δυνάμεις.

ΜΟΝΟΜΕΡΗΣ ΕΝΕΡΓΕΙΑ ΥΠΕΡ ΤΗΣ ΓΕΡΜΑΝΙΑΣ

ΡΩΜΗ, 21 Μαΐου.—(Ἰδ. τηλ. «Ἐμπρός».) Τηλεγραφοῦσιν ἐκ Παρισίων ἐκ πηγῆς ἀσφαλοῦς ὅτι ὑφίσταται σχέδιον μιᾶς κοινῆς ἐνεργείας τῶν οὐδετέρων πρὸς τὸν σκοπὸν νὰ ἐπιτευχθῇ ἡ ἐπανεξέτασις τῶν ὅρων τῆς εἰρήνης.

τῆς σήμερον ὅτι αἱ Γερμανικαὶ ἀντιπροσωπεῖαι θὰ ζητήσουν ἀναβολὴν. Ἐξακολουθοῦν φρονοῦντες ὅτι ἀπόφασις δυνατὸν νὰ ληφθῇ πρὸ τῆς 15ης Ἰουνίου.

Η ΤΙΜΗΤΙΚΗ ΣΠΑΘΗ

ΘΕΣΣΑΛΟΝΙΚΗ, 21 Μαΐου.—(Ἰδ. τηλ. «Ἐμπρός».) Ἡ τιμητικὴ σπάθη ἐπεδόθη πρὸς τὸν στρατηγὸν Φρανσὲ Ντ᾿ Ἐσπεραί.

ΦΑΜΠΡΙΚΑ ΑΔΕΙΩΝ

Τὸ Ὑπουργεῖον τῶν Ἐσωτερικῶν ἀνεκάλυψεν ὅτι ὑπάλληλοι τῆς Νομαρχίας ἐξέδιδον ἀδείας εἰσόδου ἐπὶ πληρωμῇ. Ἡ ὑπόθεσις παρεπέμφθη εἰς τὴν Εἰσαγγελίαν.
